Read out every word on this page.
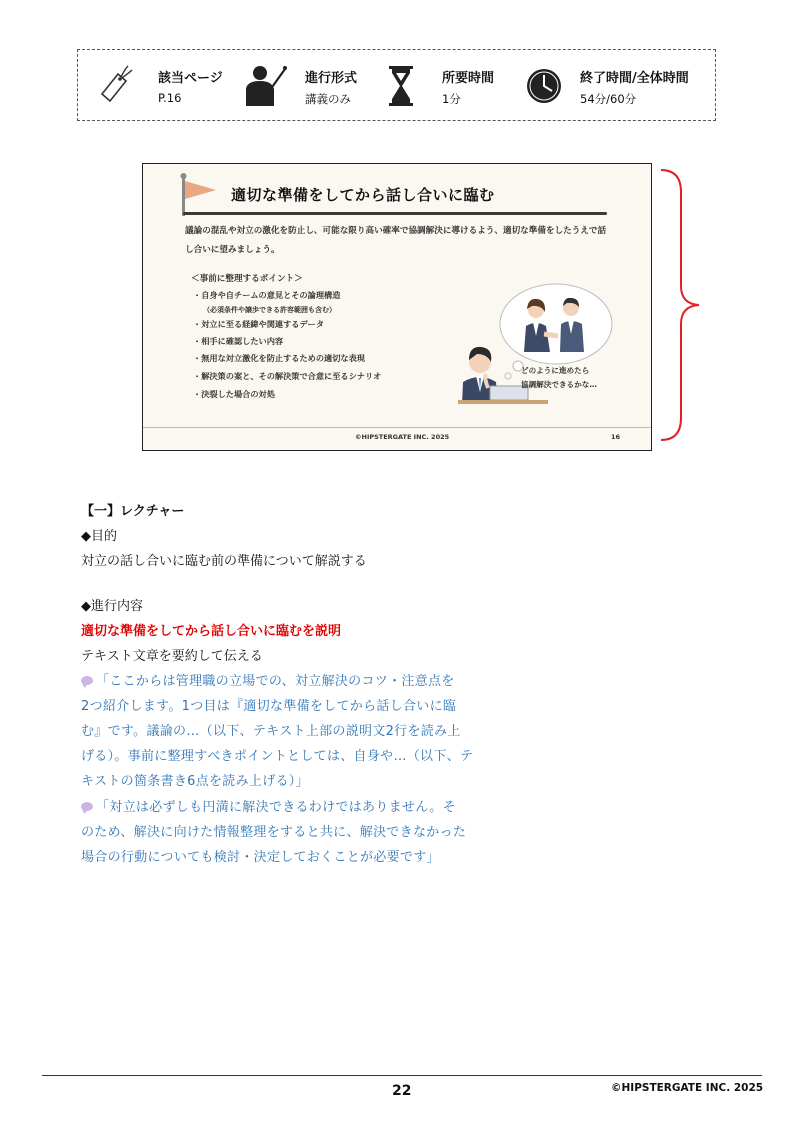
該当ページ
P.16
進行形式
講義のみ
所要時間
1分
終了時間/全体時間
54分/60分
適切な準備をしてから話し合いに臨む
議論の混乱や対立の激化を防止し、可能な限り高い確率で協調解決に導けるよう、適切な準備をしたうえで話し合いに望みましょう。
＜事前に整理するポイント＞
・自身や自チームの意見とその論理構造
（必須条件や譲歩できる許容範囲も含む）
・対立に至る経緯や関連するデータ
・相手に確認したい内容
・無用な対立激化を防止するための適切な表現
・解決策の案と、その解決策で合意に至るシナリオ
・決裂した場合の対処
どのように進めたら
協調解決できるかな…
©HIPSTERGATE INC. 2025	16
【一】レクチャー
◆目的
対立の話し合いに臨む前の準備について解説する
◆進行内容
適切な準備をしてから話し合いに臨むを説明
テキスト文章を要約して伝える
「ここからは管理職の立場での、対立解決のコツ・注意点を
2つ紹介します。1つ目は『適切な準備をしてから話し合いに臨
む』です。議論の…（以下、テキスト上部の説明文2行を読み上
げる）。事前に整理すべきポイントとしては、自身や…（以下、テ
キストの箇条書き6点を読み上げる）」
「対立は必ずしも円満に解決できるわけではありません。そ
のため、解決に向けた情報整理をすると共に、解決できなかった
場合の行動についても検討・決定しておくことが必要です」
22	©HIPSTERGATE INC. 2025
